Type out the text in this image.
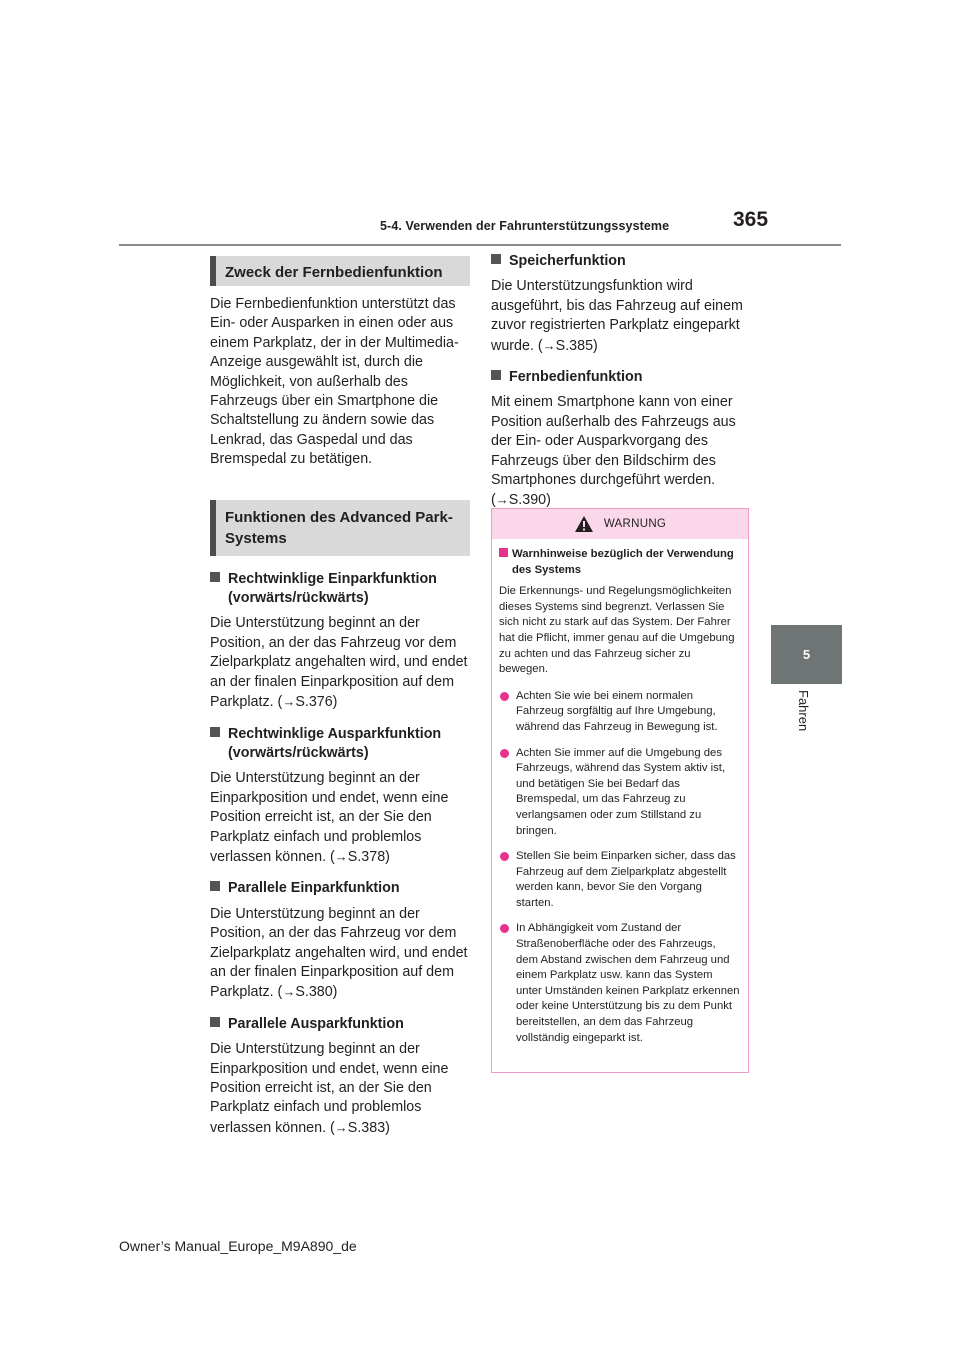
5-4. Verwenden der Fahrunterstützungssysteme	365
5
Fahren
Zweck der Fernbedienfunktion

Die Fernbedienfunktion unterstützt das Ein- oder Ausparken in einen oder aus einem Parkplatz, der in der Multimedia-Anzeige ausgewählt ist, durch die Möglichkeit, von außerhalb des Fahrzeugs über ein Smartphone die Schaltstellung zu ändern sowie das Lenkrad, das Gaspedal und das Bremspedal zu betätigen.

Funktionen des Advanced Park-Systems

Rechtwinklige Einparkfunktion (vorwärts/rückwärts)

Die Unterstützung beginnt an der Position, an der das Fahrzeug vor dem Zielparkplatz angehalten wird, und endet an der finalen Einparkposition auf dem Parkplatz. (→S.376)

Rechtwinklige Ausparkfunktion (vorwärts/rückwärts)

Die Unterstützung beginnt an der Einparkposition und endet, wenn eine Position erreicht ist, an der Sie den Parkplatz einfach und problemlos verlassen können. (→S.378)

Parallele Einparkfunktion

Die Unterstützung beginnt an der Position, an der das Fahrzeug vor dem Zielparkplatz angehalten wird, und endet an der finalen Einparkposition auf dem Parkplatz. (→S.380)

Parallele Ausparkfunktion

Die Unterstützung beginnt an der Einparkposition und endet, wenn eine Position erreicht ist, an der Sie den Parkplatz einfach und problemlos verlassen können. (→S.383)

Speicherfunktion

Die Unterstützungsfunktion wird ausgeführt, bis das Fahrzeug auf einem zuvor registrierten Parkplatz eingeparkt wurde. (→S.385)

Fernbedienfunktion

Mit einem Smartphone kann von einer Position außerhalb des Fahrzeugs aus der Ein- oder Ausparkvorgang des Fahrzeugs über den Bildschirm des Smartphones durchgeführt werden. (→S.390)

WARNUNG

Warnhinweise bezüglich der Verwendung des Systems

Die Erkennungs- und Regelungsmöglichkeiten dieses Systems sind begrenzt. Verlassen Sie sich nicht zu stark auf das System. Der Fahrer hat die Pflicht, immer genau auf die Umgebung zu achten und das Fahrzeug sicher zu bewegen.

Achten Sie wie bei einem normalen Fahrzeug sorgfältig auf Ihre Umgebung, während das Fahrzeug in Bewegung ist.

Achten Sie immer auf die Umgebung des Fahrzeugs, während das System aktiv ist, und betätigen Sie bei Bedarf das Bremspedal, um das Fahrzeug zu verlangsamen oder zum Stillstand zu bringen.

Stellen Sie beim Einparken sicher, dass das Fahrzeug auf dem Zielparkplatz abgestellt werden kann, bevor Sie den Vorgang starten.

In Abhängigkeit vom Zustand der Straßenoberfläche oder des Fahrzeugs, dem Abstand zwischen dem Fahrzeug und einem Parkplatz usw. kann das System unter Umständen keinen Parkplatz erkennen oder keine Unterstützung bis zu dem Punkt bereitstellen, an dem das Fahrzeug vollständig eingeparkt ist.

Owner’s Manual_Europe_M9A890_de
